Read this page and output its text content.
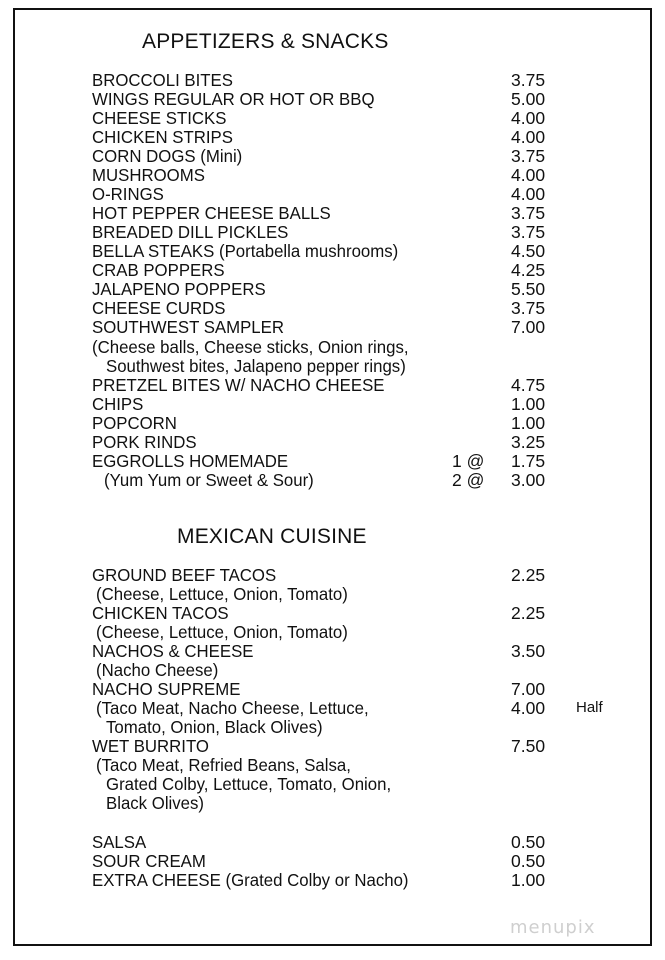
APPETIZERS & SNACKS
BROCCOLI BITES	3.75
WINGS REGULAR OR HOT OR BBQ	5.00
CHEESE STICKS	4.00
CHICKEN STRIPS	4.00
CORN DOGS (Mini)	3.75
MUSHROOMS	4.00
O-RINGS	4.00
HOT PEPPER CHEESE BALLS	3.75
BREADED DILL PICKLES	3.75
BELLA STEAKS (Portabella mushrooms)	4.50
CRAB POPPERS	4.25
JALAPENO POPPERS	5.50
CHEESE CURDS	3.75
SOUTHWEST SAMPLER	7.00
(Cheese balls, Cheese sticks, Onion rings,
Southwest bites, Jalapeno pepper rings)
PRETZEL BITES W/ NACHO CHEESE	4.75
CHIPS	1.00
POPCORN	1.00
PORK RINDS	3.25
EGGROLLS HOMEMADE	1 @ 1.75
(Yum Yum or Sweet & Sour)	2 @ 3.00
MEXICAN CUISINE
GROUND BEEF TACOS	2.25
(Cheese, Lettuce, Onion, Tomato)
CHICKEN TACOS	2.25
(Cheese, Lettuce, Onion, Tomato)
NACHOS & CHEESE	3.50
(Nacho Cheese)
NACHO SUPREME	7.00
(Taco Meat, Nacho Cheese, Lettuce,	4.00 Half
Tomato, Onion, Black Olives)
WET BURRITO	7.50
(Taco Meat, Refried Beans, Salsa,
Grated Colby, Lettuce, Tomato, Onion,
Black Olives)
SALSA	0.50
SOUR CREAM	0.50
EXTRA CHEESE (Grated Colby or Nacho)	1.00
menupix
